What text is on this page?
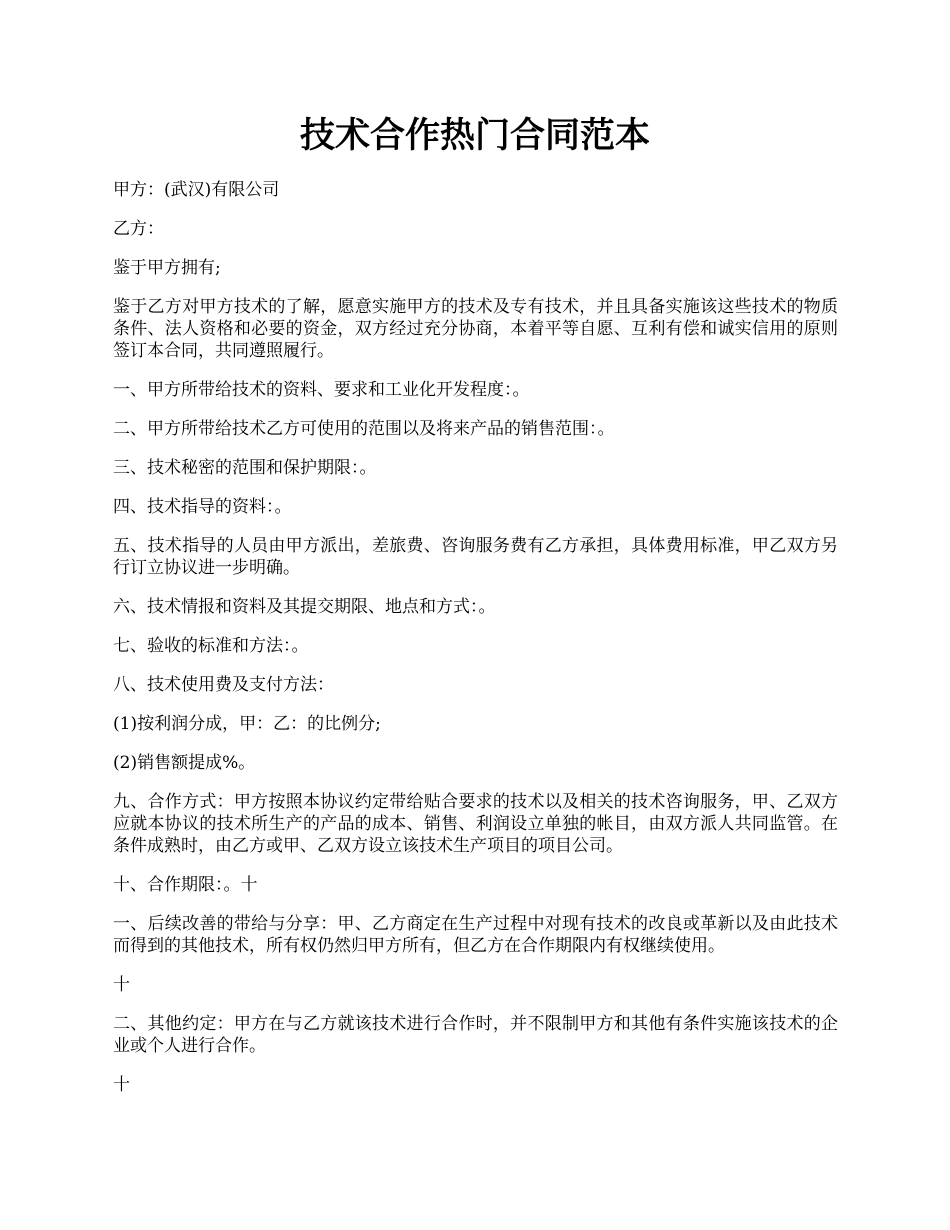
技术合作热门合同范本

甲方：(武汉)有限公司

乙方：

鉴于甲方拥有;

鉴于乙方对甲方技术的了解，愿意实施甲方的技术及专有技术，并且具备实施该这些技术的物质条件、法人资格和必要的资金，双方经过充分协商，本着平等自愿、互利有偿和诚实信用的原则签订本合同，共同遵照履行。

一、甲方所带给技术的资料、要求和工业化开发程度：。

二、甲方所带给技术乙方可使用的范围以及将来产品的销售范围：。

三、技术秘密的范围和保护期限：。

四、技术指导的资料：。

五、技术指导的人员由甲方派出，差旅费、咨询服务费有乙方承担，具体费用标准，甲乙双方另行订立协议进一步明确。

六、技术情报和资料及其提交期限、地点和方式：。

七、验收的标准和方法：。

八、技术使用费及支付方法：

(1)按利润分成，甲：乙：的比例分;

(2)销售额提成%。

九、合作方式：甲方按照本协议约定带给贴合要求的技术以及相关的技术咨询服务，甲、乙双方应就本协议的技术所生产的产品的成本、销售、利润设立单独的帐目，由双方派人共同监管。在条件成熟时，由乙方或甲、乙双方设立该技术生产项目的项目公司。

十、合作期限：。十

一、后续改善的带给与分享：甲、乙方商定在生产过程中对现有技术的改良或革新以及由此技术而得到的其他技术，所有权仍然归甲方所有，但乙方在合作期限内有权继续使用。

十

二、其他约定：甲方在与乙方就该技术进行合作时，并不限制甲方和其他有条件实施该技术的企业或个人进行合作。

十
